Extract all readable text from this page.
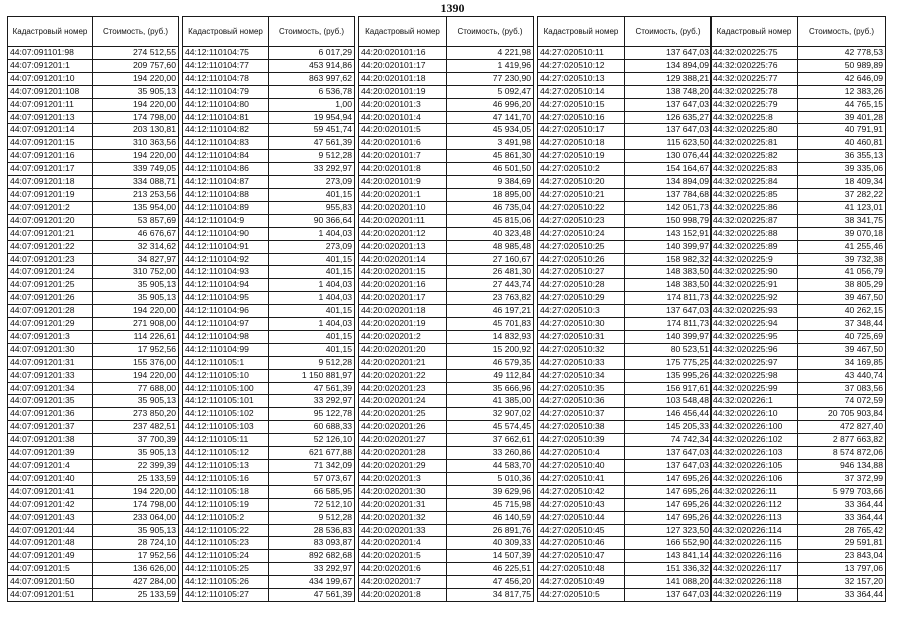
1390
Кадастровый номер	Стоимость, (руб.)
44:07:091101:98	274 512,55
44:07:091201:1	209 757,60
44:07:091201:10	194 220,00
44:07:091201:108	35 905,13
44:07:091201:11	194 220,00
44:07:091201:13	174 798,00
44:07:091201:14	203 130,81
44:07:091201:15	310 363,56
44:07:091201:16	194 220,00
44:07:091201:17	339 749,05
44:07:091201:18	334 088,71
44:07:091201:19	213 253,56
44:07:091201:2	135 954,00
44:07:091201:20	53 857,69
44:07:091201:21	46 676,67
44:07:091201:22	32 314,62
44:07:091201:23	34 827,97
44:07:091201:24	310 752,00
44:07:091201:25	35 905,13
44:07:091201:26	35 905,13
44:07:091201:28	194 220,00
44:07:091201:29	271 908,00
44:07:091201:3	114 226,61
44:07:091201:30	17 952,56
44:07:091201:31	155 376,00
44:07:091201:33	194 220,00
44:07:091201:34	77 688,00
44:07:091201:35	35 905,13
44:07:091201:36	273 850,20
44:07:091201:37	237 482,51
44:07:091201:38	37 700,39
44:07:091201:39	35 905,13
44:07:091201:4	22 399,39
44:07:091201:40	25 133,59
44:07:091201:41	194 220,00
44:07:091201:42	174 798,00
44:07:091201:43	233 064,00
44:07:091201:44	35 905,13
44:07:091201:48	28 724,10
44:07:091201:49	17 952,56
44:07:091201:5	136 626,00
44:07:091201:50	427 284,00
44:07:091201:51	25 133,59
Кадастровый номер	Стоимость, (руб.)
44:12:110104:75	6 017,29
44:12:110104:77	453 914,86
44:12:110104:78	863 997,62
44:12:110104:79	6 536,78
44:12:110104:80	1,00
44:12:110104:81	19 954,94
44:12:110104:82	59 451,74
44:12:110104:83	47 561,39
44:12:110104:84	9 512,28
44:12:110104:86	33 292,97
44:12:110104:87	273,09
44:12:110104:88	401,15
44:12:110104:89	955,83
44:12:110104:9	90 366,64
44:12:110104:90	1 404,03
44:12:110104:91	273,09
44:12:110104:92	401,15
44:12:110104:93	401,15
44:12:110104:94	1 404,03
44:12:110104:95	1 404,03
44:12:110104:96	401,15
44:12:110104:97	1 404,03
44:12:110104:98	401,15
44:12:110104:99	401,15
44:12:110105:1	9 512,28
44:12:110105:10	1 150 881,97
44:12:110105:100	47 561,39
44:12:110105:101	33 292,97
44:12:110105:102	95 122,78
44:12:110105:103	60 688,33
44:12:110105:11	52 126,10
44:12:110105:12	621 677,88
44:12:110105:13	71 342,09
44:12:110105:16	57 073,67
44:12:110105:18	66 585,95
44:12:110105:19	72 512,10
44:12:110105:2	9 512,28
44:12:110105:22	28 536,83
44:12:110105:23	83 093,87
44:12:110105:24	892 682,68
44:12:110105:25	33 292,97
44:12:110105:26	434 199,67
44:12:110105:27	47 561,39
Кадастровый номер	Стоимость, (руб.)
44:20:020101:16	4 221,98
44:20:020101:17	1 419,96
44:20:020101:18	77 230,90
44:20:020101:19	5 092,47
44:20:020101:3	46 996,20
44:20:020101:4	47 141,70
44:20:020101:5	45 934,05
44:20:020101:6	3 491,98
44:20:020101:7	45 861,30
44:20:020101:8	46 501,50
44:20:020101:9	9 384,69
44:20:020201:1	18 895,00
44:20:020201:10	46 735,04
44:20:020201:11	45 815,06
44:20:020201:12	40 323,48
44:20:020201:13	48 985,48
44:20:020201:14	27 160,67
44:20:020201:15	26 481,30
44:20:020201:16	27 443,74
44:20:020201:17	23 763,82
44:20:020201:18	46 197,21
44:20:020201:19	45 701,83
44:20:020201:2	14 832,93
44:20:020201:20	15 200,92
44:20:020201:21	46 579,35
44:20:020201:22	49 112,84
44:20:020201:23	35 666,96
44:20:020201:24	41 385,00
44:20:020201:25	32 907,02
44:20:020201:26	45 574,45
44:20:020201:27	37 662,61
44:20:020201:28	33 260,86
44:20:020201:29	44 583,70
44:20:020201:3	5 010,36
44:20:020201:30	39 629,96
44:20:020201:31	45 715,98
44:20:020201:32	46 140,59
44:20:020201:33	26 891,76
44:20:020201:4	40 309,33
44:20:020201:5	14 507,39
44:20:020201:6	46 225,51
44:20:020201:7	47 456,20
44:20:020201:8	34 817,75
Кадастровый номер	Стоимость, (руб.)
44:27:020510:11	137 647,03
44:27:020510:12	134 894,09
44:27:020510:13	129 388,21
44:27:020510:14	138 748,20
44:27:020510:15	137 647,03
44:27:020510:16	126 635,27
44:27:020510:17	137 647,03
44:27:020510:18	115 623,50
44:27:020510:19	130 076,44
44:27:020510:2	154 164,67
44:27:020510:20	134 894,09
44:27:020510:21	137 784,68
44:27:020510:22	142 051,73
44:27:020510:23	150 998,79
44:27:020510:24	143 152,91
44:27:020510:25	140 399,97
44:27:020510:26	158 982,32
44:27:020510:27	148 383,50
44:27:020510:28	148 383,50
44:27:020510:29	174 811,73
44:27:020510:3	137 647,03
44:27:020510:30	174 811,73
44:27:020510:31	140 399,97
44:27:020510:32	80 523,51
44:27:020510:33	175 775,25
44:27:020510:34	135 995,26
44:27:020510:35	156 917,61
44:27:020510:36	103 548,48
44:27:020510:37	146 456,44
44:27:020510:38	145 205,33
44:27:020510:39	74 742,34
44:27:020510:4	137 647,03
44:27:020510:40	137 647,03
44:27:020510:41	147 695,26
44:27:020510:42	147 695,26
44:27:020510:43	147 695,26
44:27:020510:44	147 695,26
44:27:020510:45	127 323,50
44:27:020510:46	166 552,90
44:27:020510:47	143 841,14
44:27:020510:48	151 336,32
44:27:020510:49	141 088,20
44:27:020510:5	137 647,03
Кадастровый номер	Стоимость, (руб.)
44:32:020225:75	42 778,53
44:32:020225:76	50 989,89
44:32:020225:77	42 646,09
44:32:020225:78	12 383,26
44:32:020225:79	44 765,15
44:32:020225:8	39 401,28
44:32:020225:80	40 791,91
44:32:020225:81	40 460,81
44:32:020225:82	36 355,13
44:32:020225:83	39 335,06
44:32:020225:84	18 409,34
44:32:020225:85	37 282,22
44:32:020225:86	41 123,01
44:32:020225:87	38 341,75
44:32:020225:88	39 070,18
44:32:020225:89	41 255,46
44:32:020225:9	39 732,38
44:32:020225:90	41 056,79
44:32:020225:91	38 805,29
44:32:020225:92	39 467,50
44:32:020225:93	40 262,15
44:32:020225:94	37 348,44
44:32:020225:95	40 725,69
44:32:020225:96	39 467,50
44:32:020225:97	34 169,85
44:32:020225:98	43 440,74
44:32:020225:99	37 083,56
44:32:020226:1	74 072,59
44:32:020226:10	20 705 903,84
44:32:020226:100	472 827,40
44:32:020226:102	2 877 663,82
44:32:020226:103	8 574 872,06
44:32:020226:105	946 134,88
44:32:020226:106	37 372,99
44:32:020226:11	5 979 703,66
44:32:020226:112	33 364,44
44:32:020226:113	33 364,44
44:32:020226:114	28 765,42
44:32:020226:115	29 591,81
44:32:020226:116	23 843,04
44:32:020226:117	13 797,06
44:32:020226:118	32 157,20
44:32:020226:119	33 364,44
